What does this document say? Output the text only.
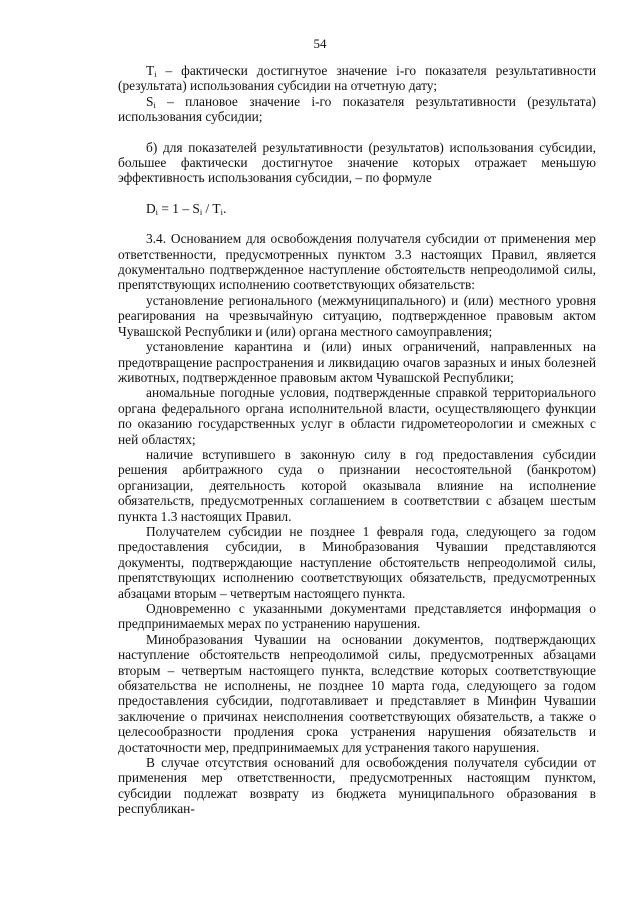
54

$T_i$ – фактически достигнутое значение i-го показателя результативности (результата) использования субсидии на отчетную дату;

$S_i$ – плановое значение i-го показателя результативности (результата) использования субсидии;

б) для показателей результативности (результатов) использования субсидии, большее фактически достигнутое значение которых отражает меньшую эффективность использования субсидии, – по формуле

$D_i = 1 - S_i / T_i$.

3.4. Основанием для освобождения получателя субсидии от применения мер ответственности, предусмотренных пунктом 3.3 настоящих Правил, является документально подтвержденное наступление обстоятельств непреодолимой силы, препятствующих исполнению соответствующих обязательств:

установление регионального (межмуниципального) и (или) местного уровня реагирования на чрезвычайную ситуацию, подтвержденное правовым актом Чувашской Республики и (или) органа местного самоуправления;

установление карантина и (или) иных ограничений, направленных на предотвращение распространения и ликвидацию очагов заразных и иных болезней животных, подтвержденное правовым актом Чувашской Республики;

аномальные погодные условия, подтвержденные справкой территориального органа федерального органа исполнительной власти, осуществляющего функции по оказанию государственных услуг в области гидрометеорологии и смежных с ней областях;

наличие вступившего в законную силу в год предоставления субсидии решения арбитражного суда о признании несостоятельной (банкротом) организации, деятельность которой оказывала влияние на исполнение обязательств, предусмотренных соглашением в соответствии с абзацем шестым пункта 1.3 настоящих Правил.

Получателем субсидии не позднее 1 февраля года, следующего за годом предоставления субсидии, в Минобразования Чувашии представляются документы, подтверждающие наступление обстоятельств непреодолимой силы, препятствующих исполнению соответствующих обязательств, предусмотренных абзацами вторым – четвертым настоящего пункта.

Одновременно с указанными документами представляется информация о предпринимаемых мерах по устранению нарушения.

Минобразования Чувашии на основании документов, подтверждающих наступление обстоятельств непреодолимой силы, предусмотренных абзацами вторым – четвертым настоящего пункта, вследствие которых соответствующие обязательства не исполнены, не позднее 10 марта года, следующего за годом предоставления субсидии, подготавливает и представляет в Минфин Чувашии заключение о причинах неисполнения соответствующих обязательств, а также о целесообразности продления срока устранения нарушения обязательств и достаточности мер, предпринимаемых для устранения такого нарушения.

В случае отсутствия оснований для освобождения получателя субсидии от применения мер ответственности, предусмотренных настоящим пунктом, субсидии подлежат возврату из бюджета муниципального образования в республикан-
